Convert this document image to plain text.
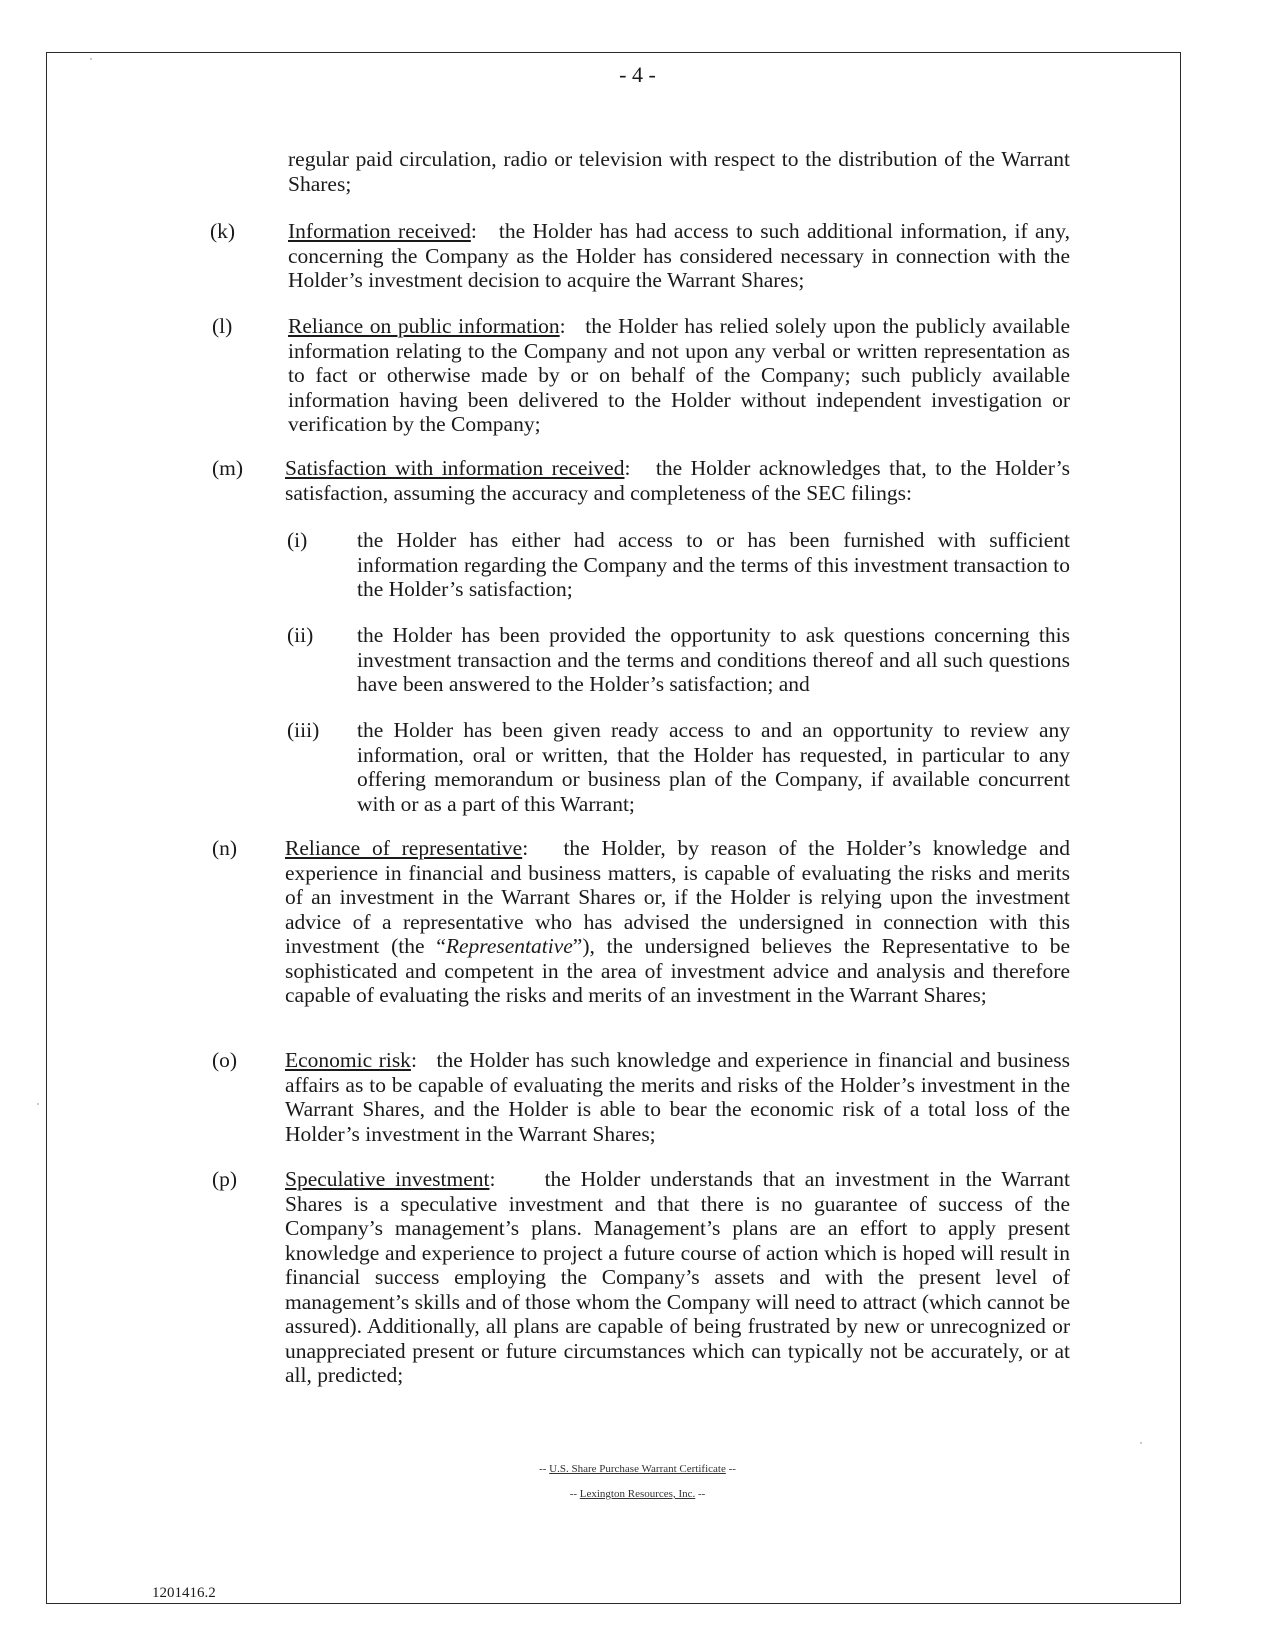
- 4 -
regular paid circulation, radio or television with respect to the distribution of the Warrant Shares;
(k) Information received:   the Holder has had access to such additional information, if any, concerning the Company as the Holder has considered necessary in connection with the Holder’s investment decision to acquire the Warrant Shares;
(l)	Reliance on public information:   the Holder has relied solely upon the publicly available information relating to the Company and not upon any verbal or written representation as to fact or otherwise made by or on behalf of the Company; such publicly available information having been delivered to the Holder without independent investigation or verification by the Company;
(m) Satisfaction with information received:   the Holder acknowledges that, to the Holder’s satisfaction, assuming the accuracy and completeness of the SEC filings:
(i) the Holder has either had access to or has been furnished with sufficient information regarding the Company and the terms of this investment transaction to the Holder’s satisfaction;
(ii) the Holder has been provided the opportunity to ask questions concerning this investment transaction and the terms and conditions thereof and all such questions have been answered to the Holder’s satisfaction; and
(iii) the Holder has been given ready access to and an opportunity to review any information, oral or written, that the Holder has requested, in particular to any offering memorandum or business plan of the Company, if available concurrent with or as a part of this Warrant;
(n) Reliance of representative:   the Holder, by reason of the Holder’s knowledge and experience in financial and business matters, is capable of evaluating the risks and merits of an investment in the Warrant Shares or, if the Holder is relying upon the investment advice of a representative who has advised the undersigned in connection with this investment (the “Representative”), the undersigned believes the Representative to be sophisticated and competent in the area of investment advice and analysis and therefore capable of evaluating the risks and merits of an investment in the Warrant Shares;
(o) Economic risk:   the Holder has such knowledge and experience in financial and business affairs as to be capable of evaluating the merits and risks of the Holder’s investment in the Warrant Shares, and the Holder is able to bear the economic risk of a total loss of the Holder’s investment in the Warrant Shares;
(p) Speculative investment:     the Holder understands that an investment in the Warrant Shares is a speculative investment and that there is no guarantee of success of the Company’s management’s plans. Management’s plans are an effort to apply present knowledge and experience to project a future course of action which is hoped will result in financial success employing the Company’s assets and with the present level of management’s skills and of those whom the Company will need to attract (which cannot be assured). Additionally, all plans are capable of being frustrated by new or unrecognized or unappreciated present or future circumstances which can typically not be accurately, or at all, predicted;
-- U.S. Share Purchase Warrant Certificate --
-- Lexington Resources, Inc. --
1201416.2
